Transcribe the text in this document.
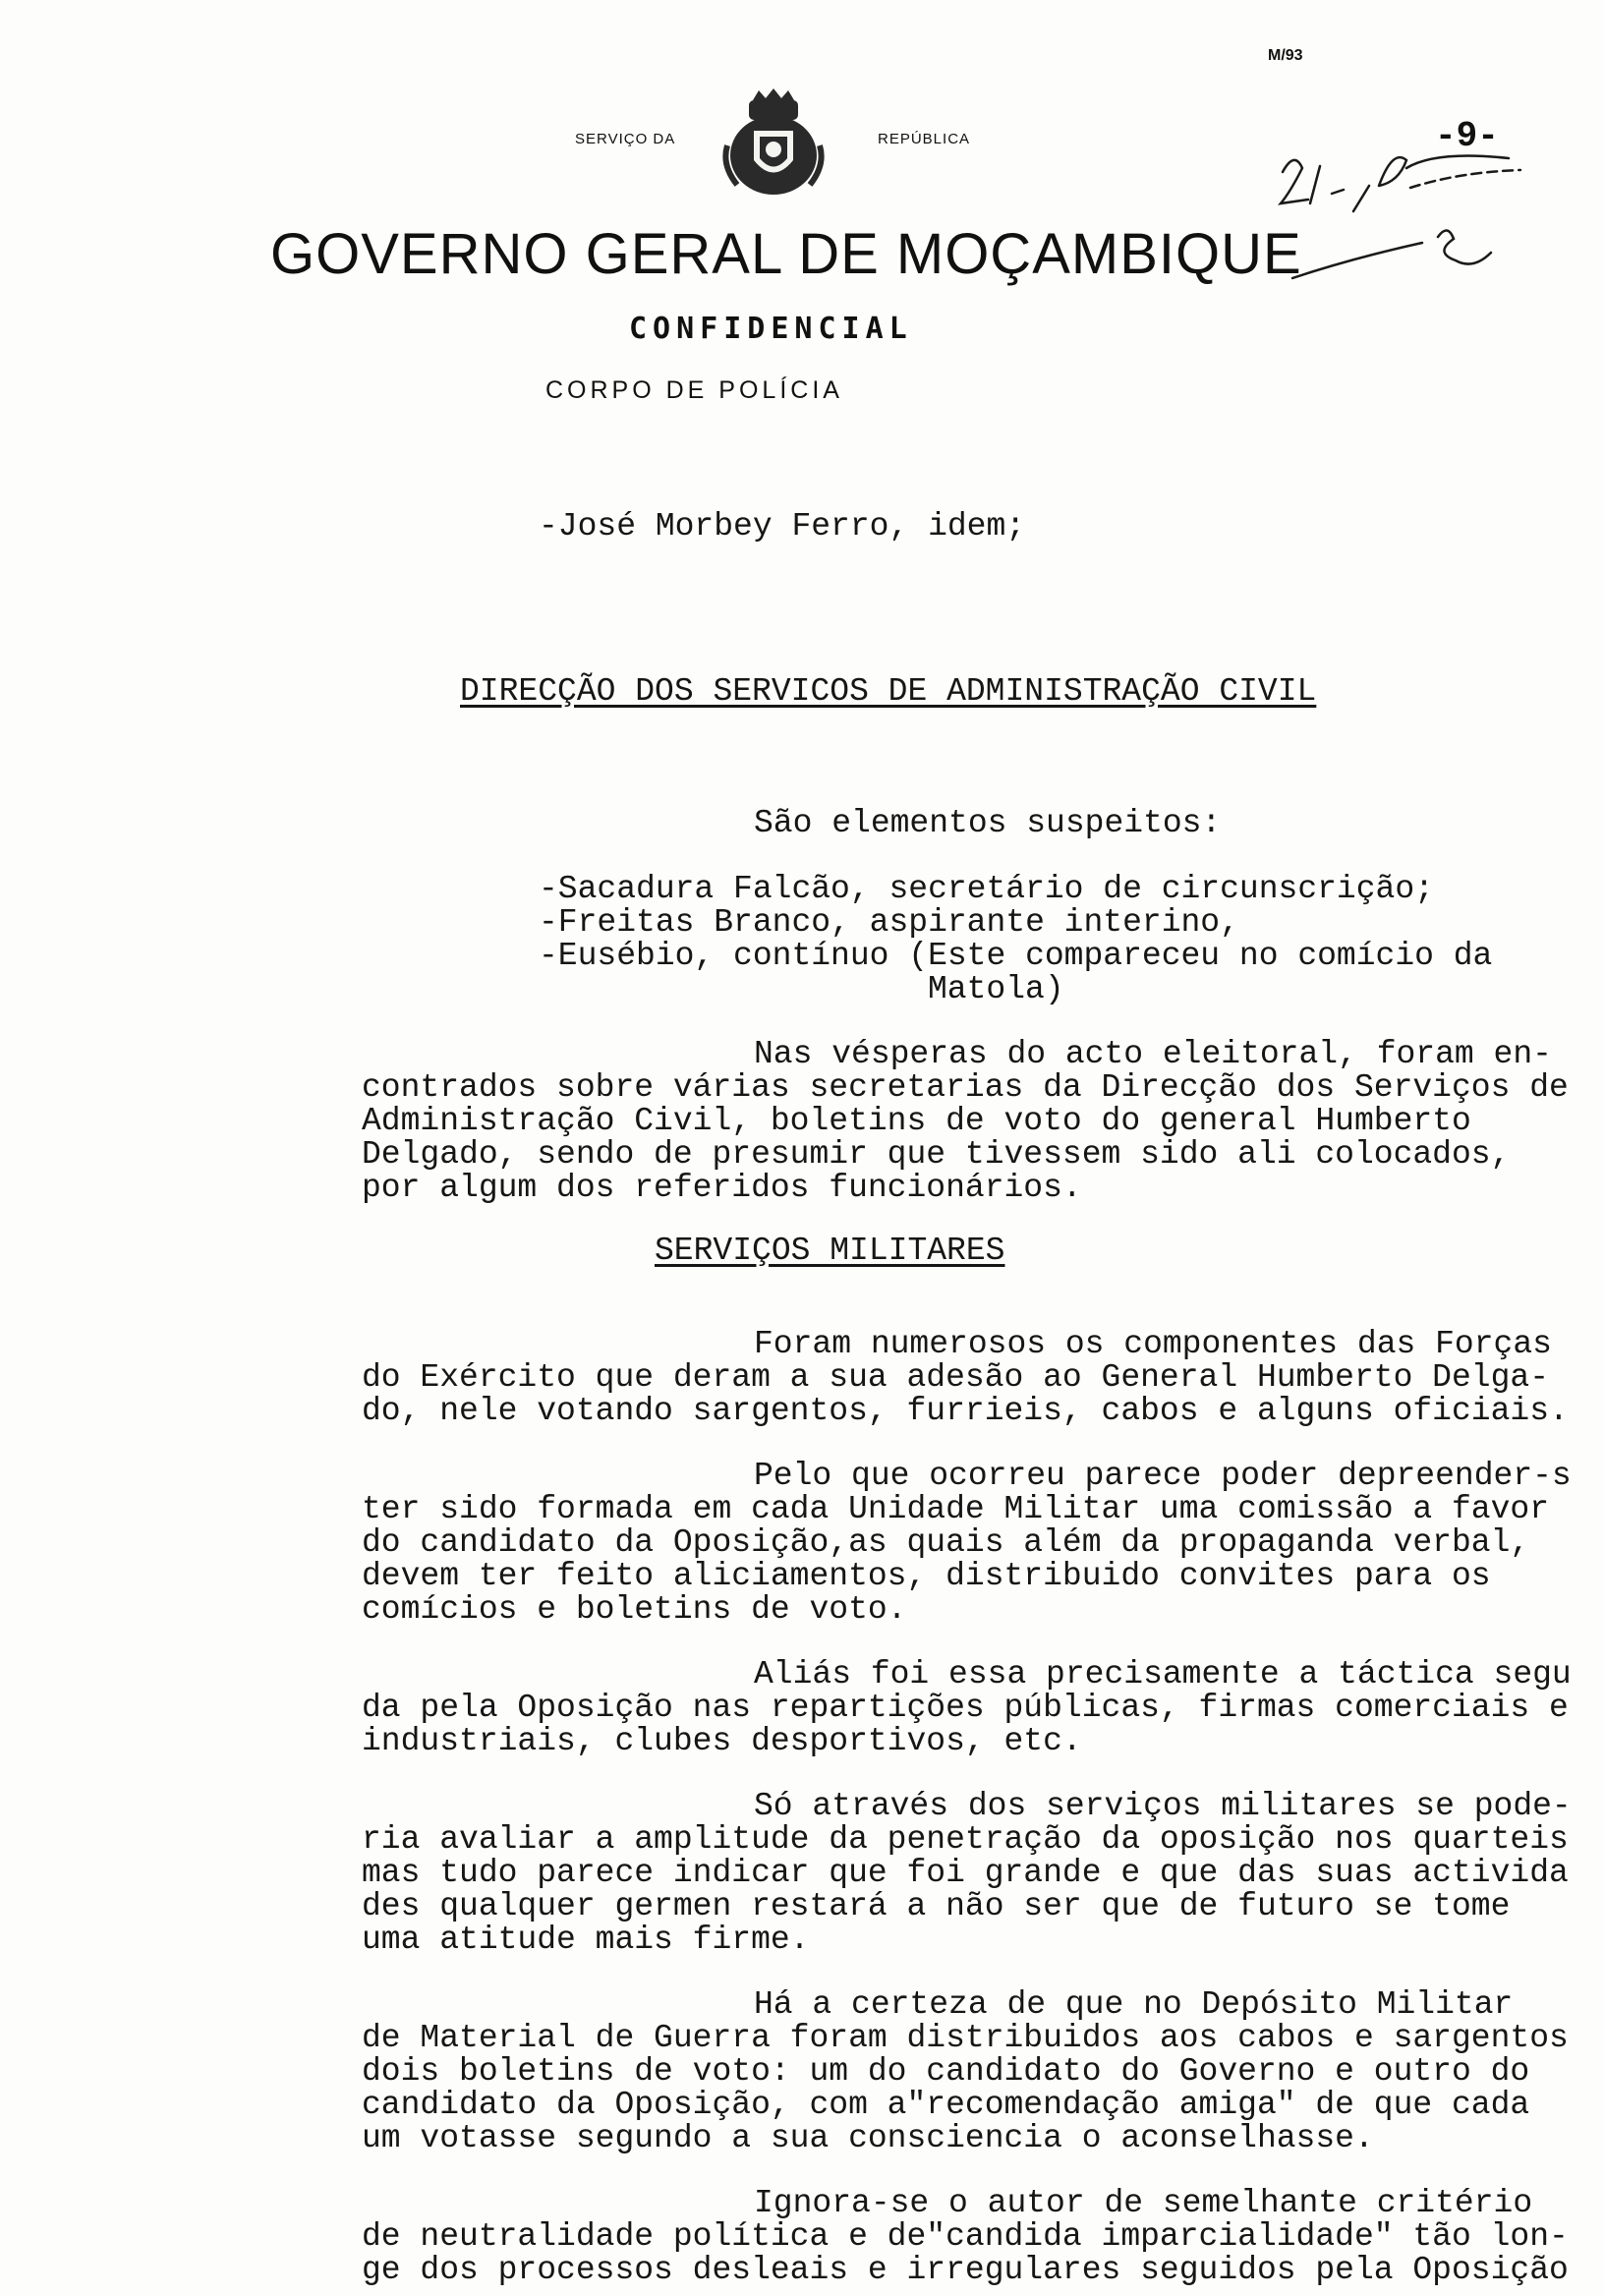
M/93
SERVIÇO DA	REPÚBLICA	-9-
GOVERNO GERAL DE MOÇAMBIQUE
CONFIDENCIAL
CORPO DE POLÍCIA
-José Morbey Ferro, idem;
DIRECÇÃO DOS SERVICOS DE ADMINISTRAÇÃO CIVIL
São elementos suspeitos:
-Sacadura Falcão, secretário de circunscrição;
-Freitas Branco, aspirante interino,
-Eusébio, contínuo (Este compareceu no comício da
Matola)
Nas vésperas do acto eleitoral, foram en-
contrados sobre várias secretarias da Direcção dos Serviços de
Administração Civil, boletins de voto do general Humberto
Delgado, sendo de presumir que tivessem sido ali colocados,
por algum dos referidos funcionários.
SERVIÇOS MILITARES
Foram numerosos os componentes das Forças
do Exército que deram a sua adesão ao General Humberto Delga-
do, nele votando sargentos, furrieis, cabos e alguns oficiais.
Pelo que ocorreu parece poder depreender-s
ter sido formada em cada Unidade Militar uma comissão a favor
do candidato da Oposição,as quais além da propaganda verbal,
devem ter feito aliciamentos, distribuido convites para os
comícios e boletins de voto.
Aliás foi essa precisamente a táctica segu
da pela Oposição nas repartições públicas, firmas comerciais e
industriais, clubes desportivos, etc.
Só através dos serviços militares se pode-
ria avaliar a amplitude da penetração da oposição nos quarteis
mas tudo parece indicar que foi grande e que das suas activida
des qualquer germen restará a não ser que de futuro se tome
uma atitude mais firme.
Há a certeza de que no Depósito Militar
de Material de Guerra foram distribuidos aos cabos e sargentos
dois boletins de voto: um do candidato do Governo e outro do
candidato da Oposição, com a"recomendação amiga" de que cada
um votasse segundo a sua consciencia o aconselhasse.
Ignora-se o autor de semelhante critério
de neutralidade política e de"candida imparcialidade" tão lon-
ge dos processos desleais e irregulares seguidos pela Oposição
